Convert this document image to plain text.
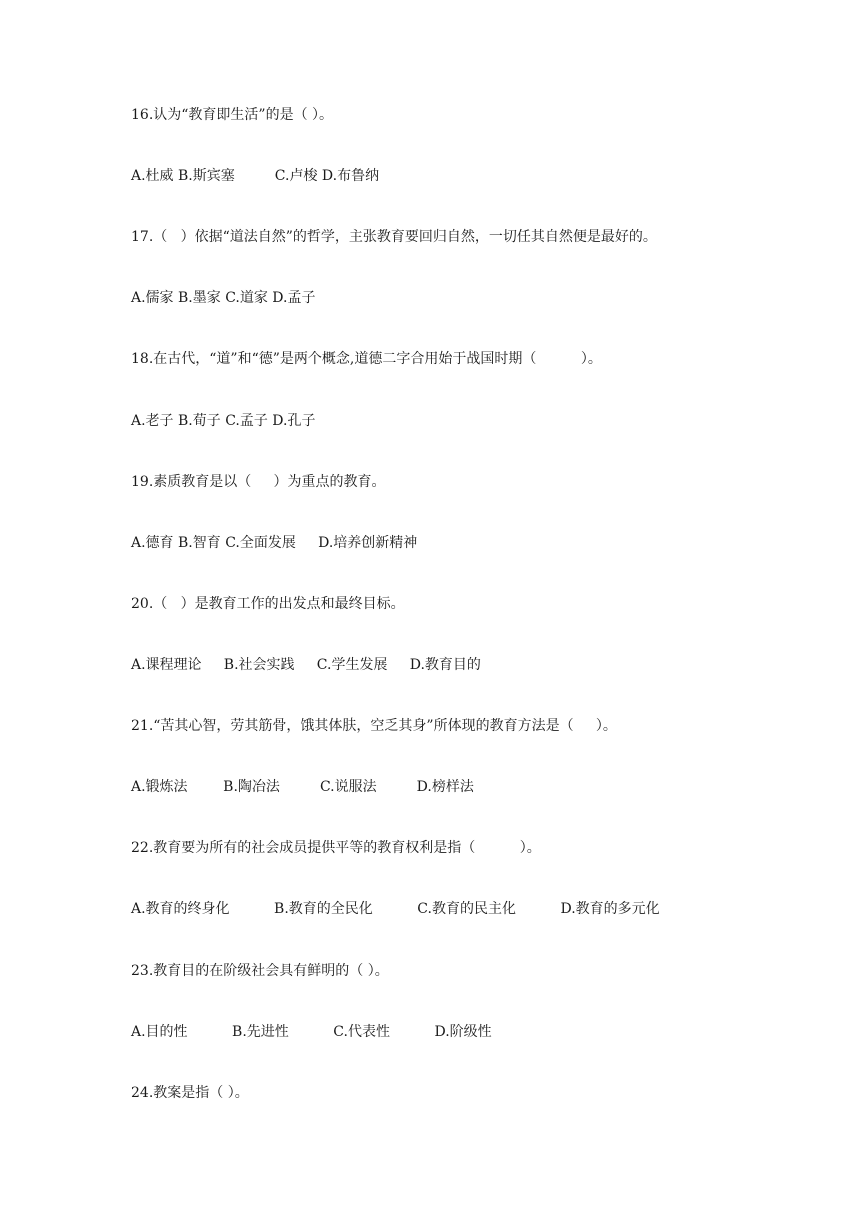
16.认为“教育即生活”的是（ ）。
A.杜威 B.斯宾塞         C.卢梭 D.布鲁纳
17.（   ）依据“道法自然”的哲学，主张教育要回归自然，一切任其自然便是最好的。
A.儒家 B.墨家 C.道家 D.孟子
18.在古代，“道”和“德”是两个概念,道德二字合用始于战国时期（          ）。
A.老子 B.荀子 C.孟子 D.孔子
19.素质教育是以（     ）为重点的教育。
A.德育 B.智育 C.全面发展     D.培养创新精神
20.（   ）是教育工作的出发点和最终目标。
A.课程理论     B.社会实践     C.学生发展     D.教育目的
21.“苦其心智，劳其筋骨，饿其体肤，空乏其身”所体现的教育方法是（     ）。
A.锻炼法        B.陶冶法         C.说服法         D.榜样法
22.教育要为所有的社会成员提供平等的教育权利是指（          ）。
A.教育的终身化          B.教育的全民化          C.教育的民主化          D.教育的多元化
23.教育目的在阶级社会具有鲜明的（ ）。
A.目的性          B.先进性          C.代表性          D.阶级性
24.教案是指（ ）。
